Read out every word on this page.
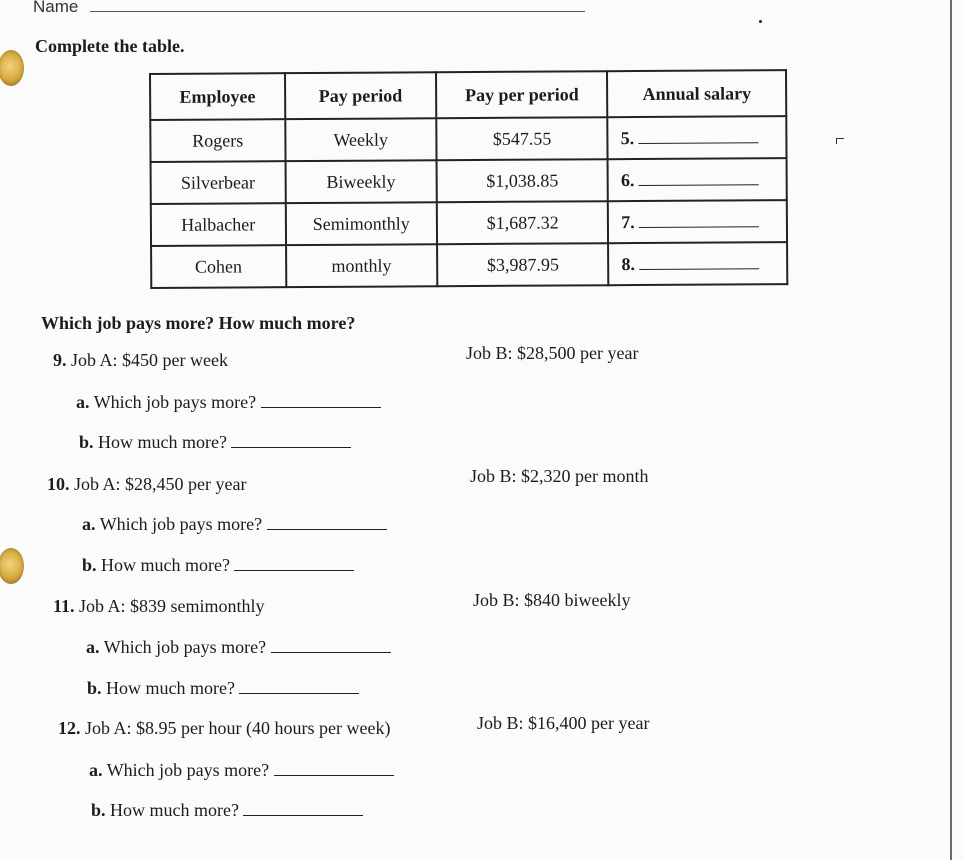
Name
Complete the table.
Employee	Pay period	Pay per period	Annual salary
Rogers	Weekly	$547.55	5.
Silverbear	Biweekly	$1,038.85	6.
Halbacher	Semimonthly	$1,687.32	7.
Cohen	monthly	$3,987.95	8.
Which job pays more? How much more?
9. Job A: $450 per week	Job B: $28,500 per year
a. Which job pays more?
b. How much more?
10. Job A: $28,450 per year	Job B: $2,320 per month
a. Which job pays more?
b. How much more?
11. Job A: $839 semimonthly	Job B: $840 biweekly
a. Which job pays more?
b. How much more?
12. Job A: $8.95 per hour (40 hours per week)	Job B: $16,400 per year
a. Which job pays more?
b. How much more?
